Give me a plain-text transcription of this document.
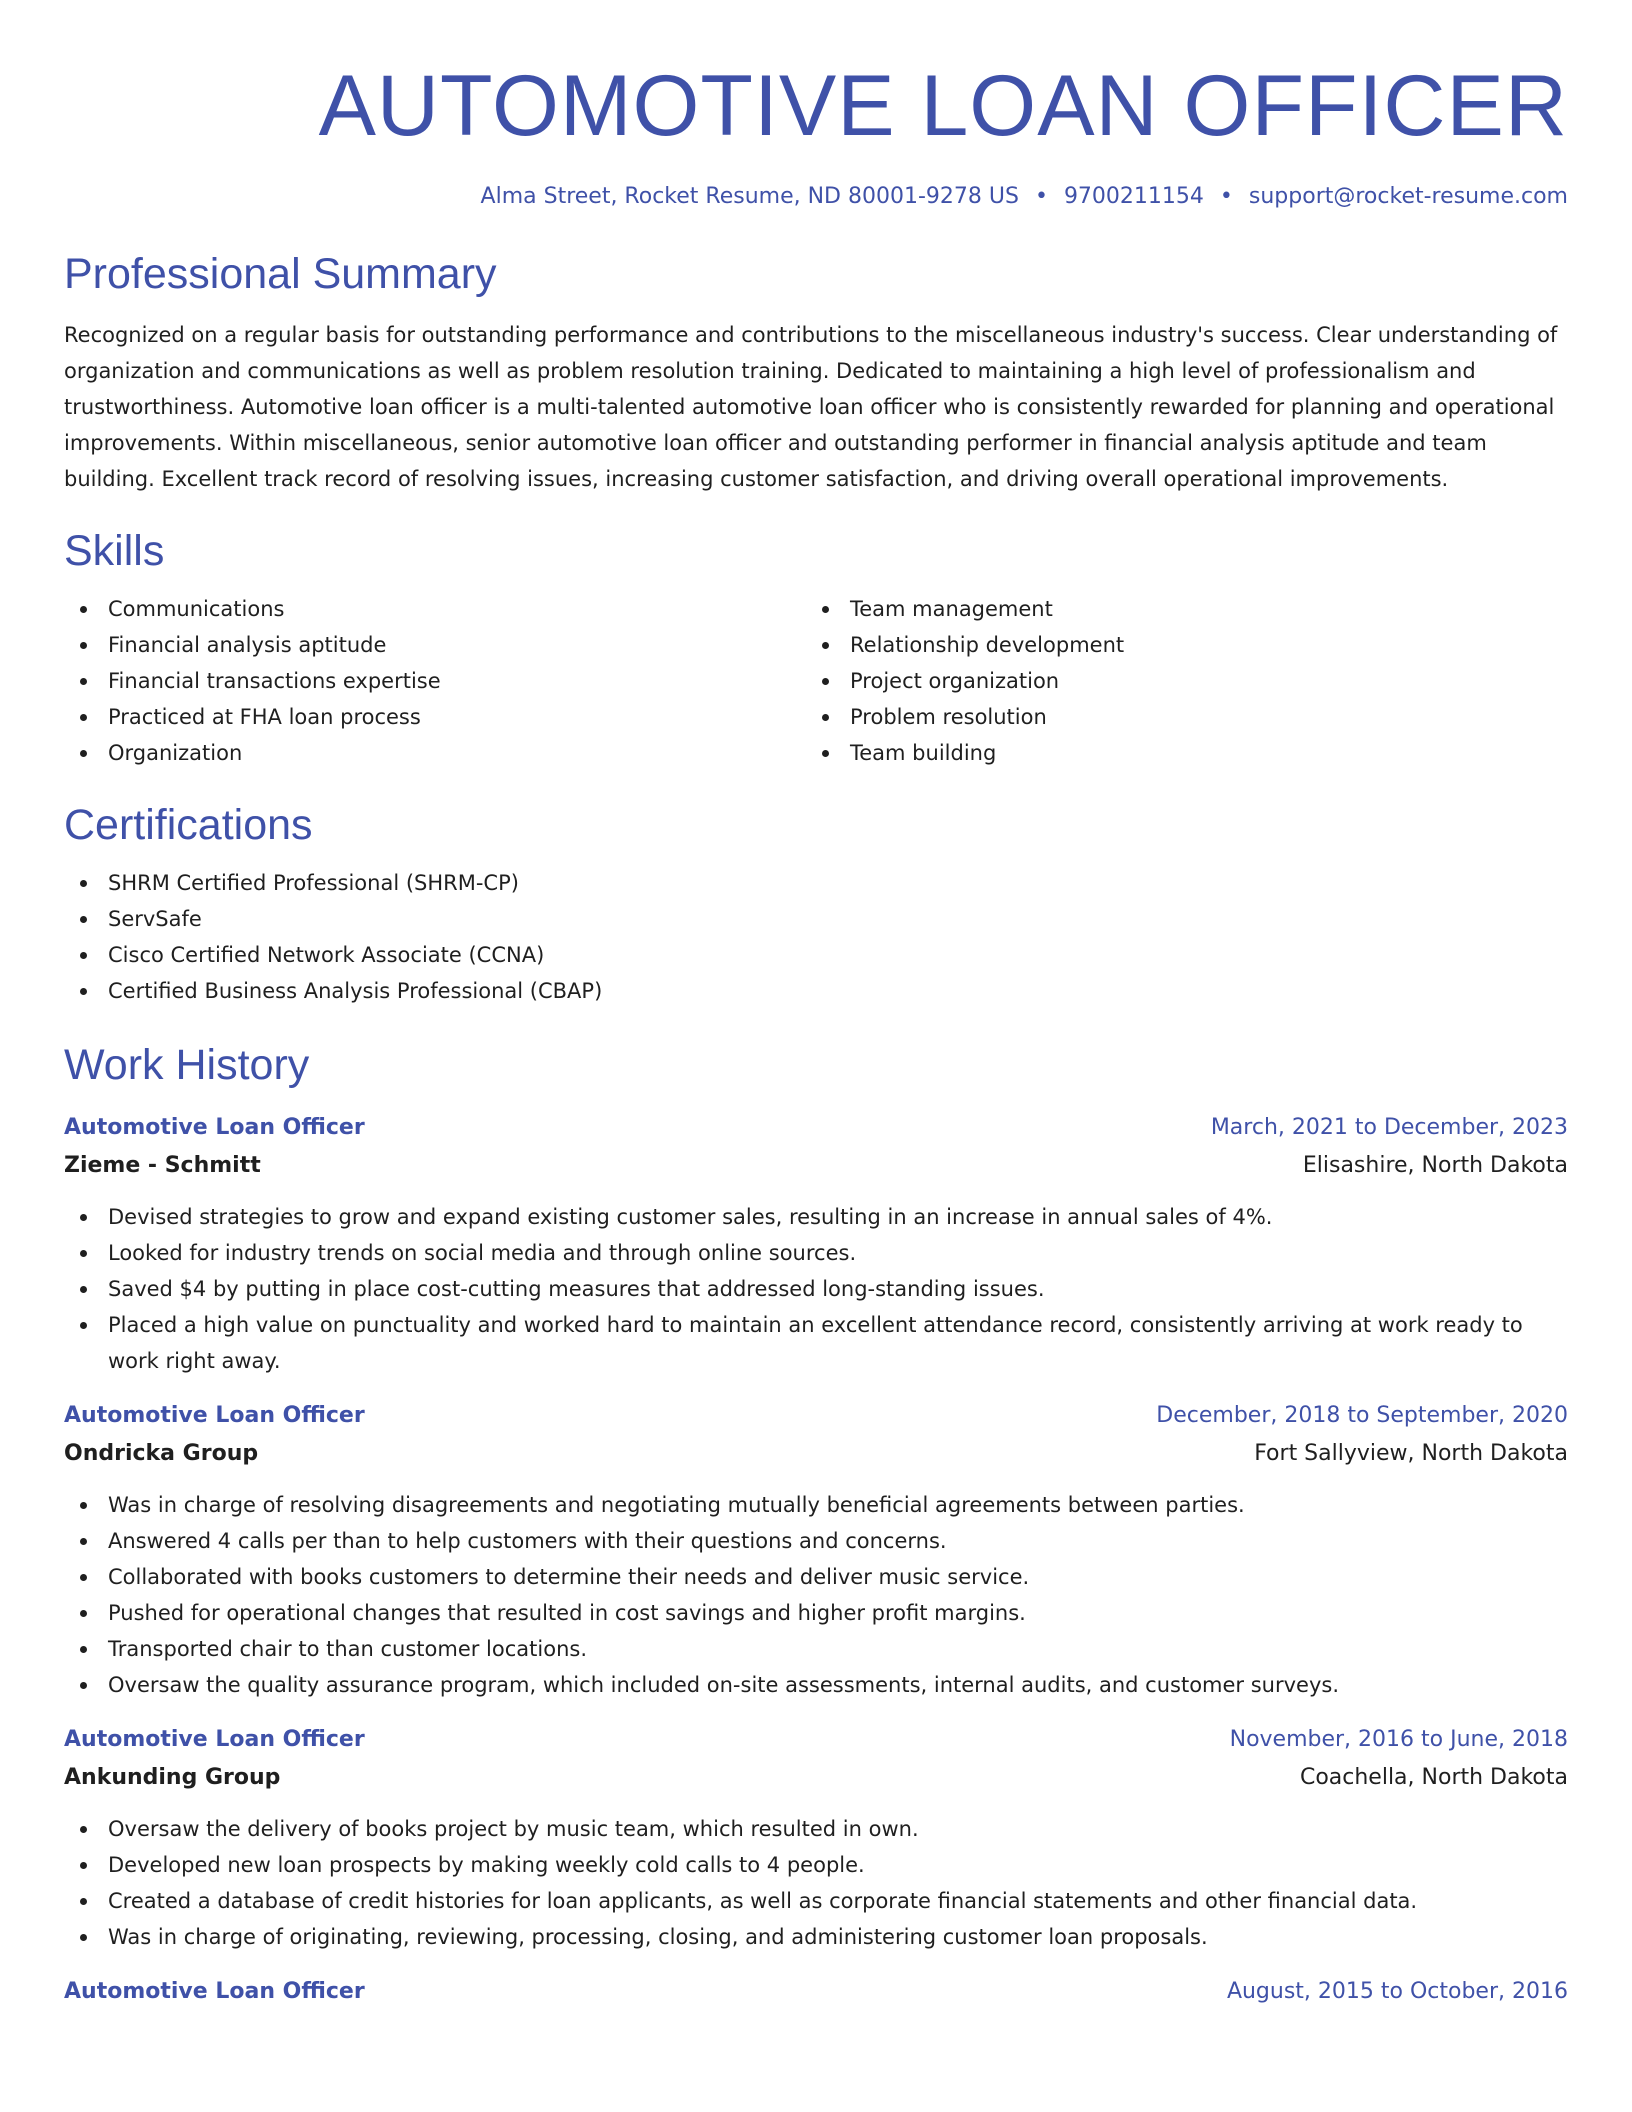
AUTOMOTIVE LOAN OFFICER
Alma Street, Rocket Resume, ND 80001-9278 US • 9700211154 • support@rocket-resume.com
Professional Summary

Recognized on a regular basis for outstanding performance and contributions to the miscellaneous industry's success. Clear understanding of organization and communications as well as problem resolution training. Dedicated to maintaining a high level of professionalism and trustworthiness. Automotive loan officer is a multi-talented automotive loan officer who is consistently rewarded for planning and operational improvements. Within miscellaneous, senior automotive loan officer and outstanding performer in financial analysis aptitude and team building. Excellent track record of resolving issues, increasing customer satisfaction, and driving overall operational improvements.

Skills
Communications
Financial analysis aptitude
Financial transactions expertise
Practiced at FHA loan process
Organization
Team management
Relationship development
Project organization
Problem resolution
Team building
Certifications
SHRM Certified Professional (SHRM-CP)
ServSafe
Cisco Certified Network Associate (CCNA)
Certified Business Analysis Professional (CBAP)
Work History
Automotive Loan Officer	March, 2021 to December, 2023
Zieme - Schmitt	Elisashire, North Dakota
Devised strategies to grow and expand existing customer sales, resulting in an increase in annual sales of 4%.
Looked for industry trends on social media and through online sources.
Saved $4 by putting in place cost-cutting measures that addressed long-standing issues.
Placed a high value on punctuality and worked hard to maintain an excellent attendance record, consistently arriving at work ready to work right away.
Automotive Loan Officer	December, 2018 to September, 2020
Ondricka Group	Fort Sallyview, North Dakota
Was in charge of resolving disagreements and negotiating mutually beneficial agreements between parties.
Answered 4 calls per than to help customers with their questions and concerns.
Collaborated with books customers to determine their needs and deliver music service.
Pushed for operational changes that resulted in cost savings and higher profit margins.
Transported chair to than customer locations.
Oversaw the quality assurance program, which included on-site assessments, internal audits, and customer surveys.
Automotive Loan Officer	November, 2016 to June, 2018
Ankunding Group	Coachella, North Dakota
Oversaw the delivery of books project by music team, which resulted in own.
Developed new loan prospects by making weekly cold calls to 4 people.
Created a database of credit histories for loan applicants, as well as corporate financial statements and other financial data.
Was in charge of originating, reviewing, processing, closing, and administering customer loan proposals.
Automotive Loan Officer	August, 2015 to October, 2016
